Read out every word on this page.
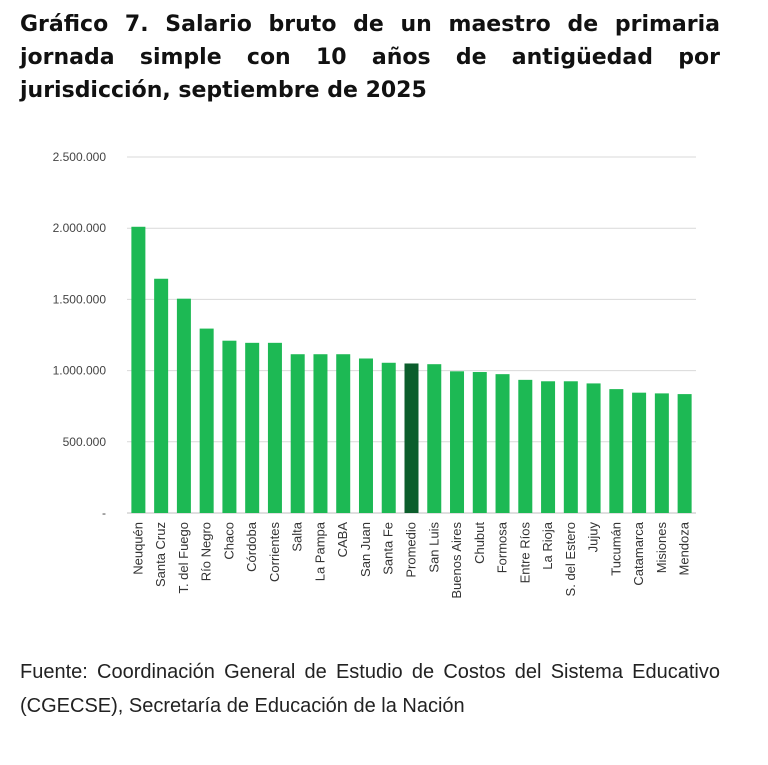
Gráfico 7. Salario bruto de un maestro de primaria jornada simple con 10 años de antigüedad por jurisdicción, septiembre de 2025

-
500.000
1.000.000
1.500.000
2.000.000
2.500.000
Neuquén Santa Cruz T. del Fuego Río Negro Chaco Córdoba Corrientes Salta La Pampa CABA San Juan Santa Fe Promedio San Luis Buenos Aires Chubut Formosa Entre Ríos La Rioja S. del Estero Jujuy Tucumán Catamarca Misiones Mendoza

Fuente: Coordinación General de Estudio de Costos del Sistema Educativo (CGECSE), Secretaría de Educación de la Nación
